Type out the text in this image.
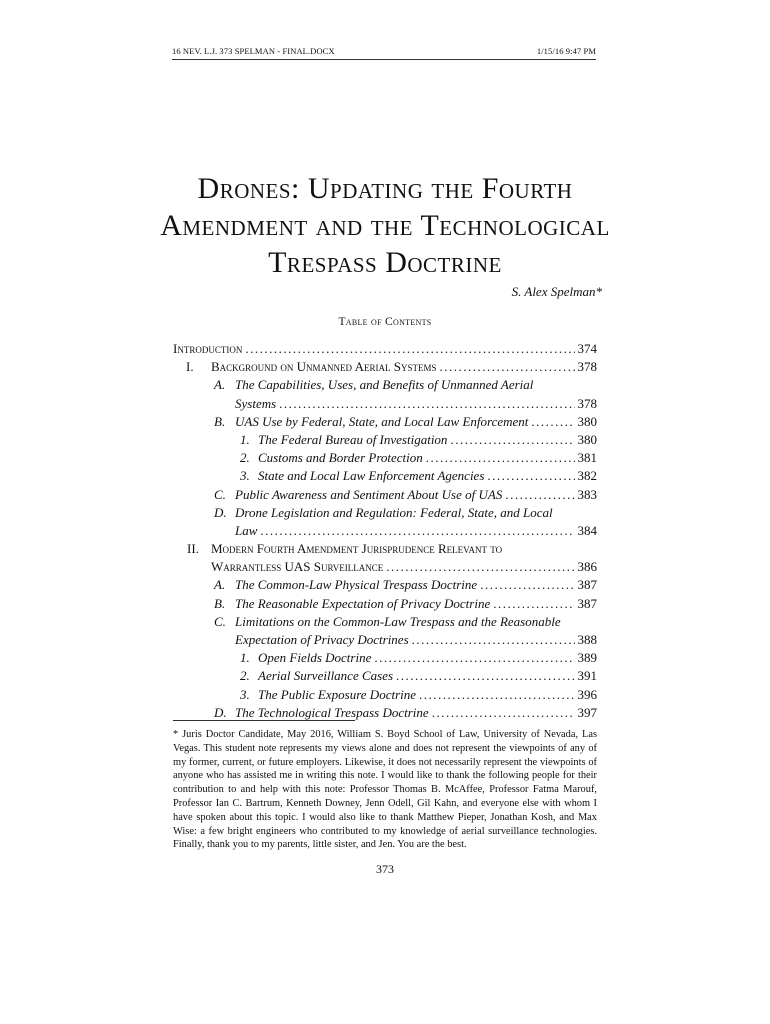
16 NEV. L.J. 373 SPELMAN - FINAL.DOCX	1/15/16 9:47 PM
Drones: Updating the Fourth
Amendment and the Technological
Trespass Doctrine
S. Alex Spelman*
Table of Contents
Introduction .....	374
I. Background on Unmanned Aerial Systems .....	378
A. The Capabilities, Uses, and Benefits of Unmanned Aerial
Systems .....	378
B. UAS Use by Federal, State, and Local Law Enforcement .....	380
1. The Federal Bureau of Investigation .....	380
2. Customs and Border Protection .....	381
3. State and Local Law Enforcement Agencies .....	382
C. Public Awareness and Sentiment About Use of UAS .....	383
D. Drone Legislation and Regulation: Federal, State, and Local
Law .....	384
II. Modern Fourth Amendment Jurisprudence Relevant to
Warrantless UAS Surveillance .....	386
A. The Common-Law Physical Trespass Doctrine .....	387
B. The Reasonable Expectation of Privacy Doctrine .....	387
C. Limitations on the Common-Law Trespass and the Reasonable
Expectation of Privacy Doctrines .....	388
1. Open Fields Doctrine .....	389
2. Aerial Surveillance Cases .....	391
3. The Public Exposure Doctrine .....	396
D. The Technological Trespass Doctrine .....	397
* Juris Doctor Candidate, May 2016, William S. Boyd School of Law, University of Nevada, Las Vegas. This student note represents my views alone and does not represent the viewpoints of any of my former, current, or future employers. Likewise, it does not necessarily represent the viewpoints of anyone who has assisted me in writing this note. I would like to thank the following people for their contribution to and help with this note: Professor Thomas B. McAffee, Professor Fatma Marouf, Professor Ian C. Bartrum, Kenneth Downey, Jenn Odell, Gil Kahn, and everyone else with whom I have spoken about this topic. I would also like to thank Matthew Pieper, Jonathan Kosh, and Max Wise: a few bright engineers who contributed to my knowledge of aerial surveillance technologies. Finally, thank you to my parents, little sister, and Jen. You are the best.
373
